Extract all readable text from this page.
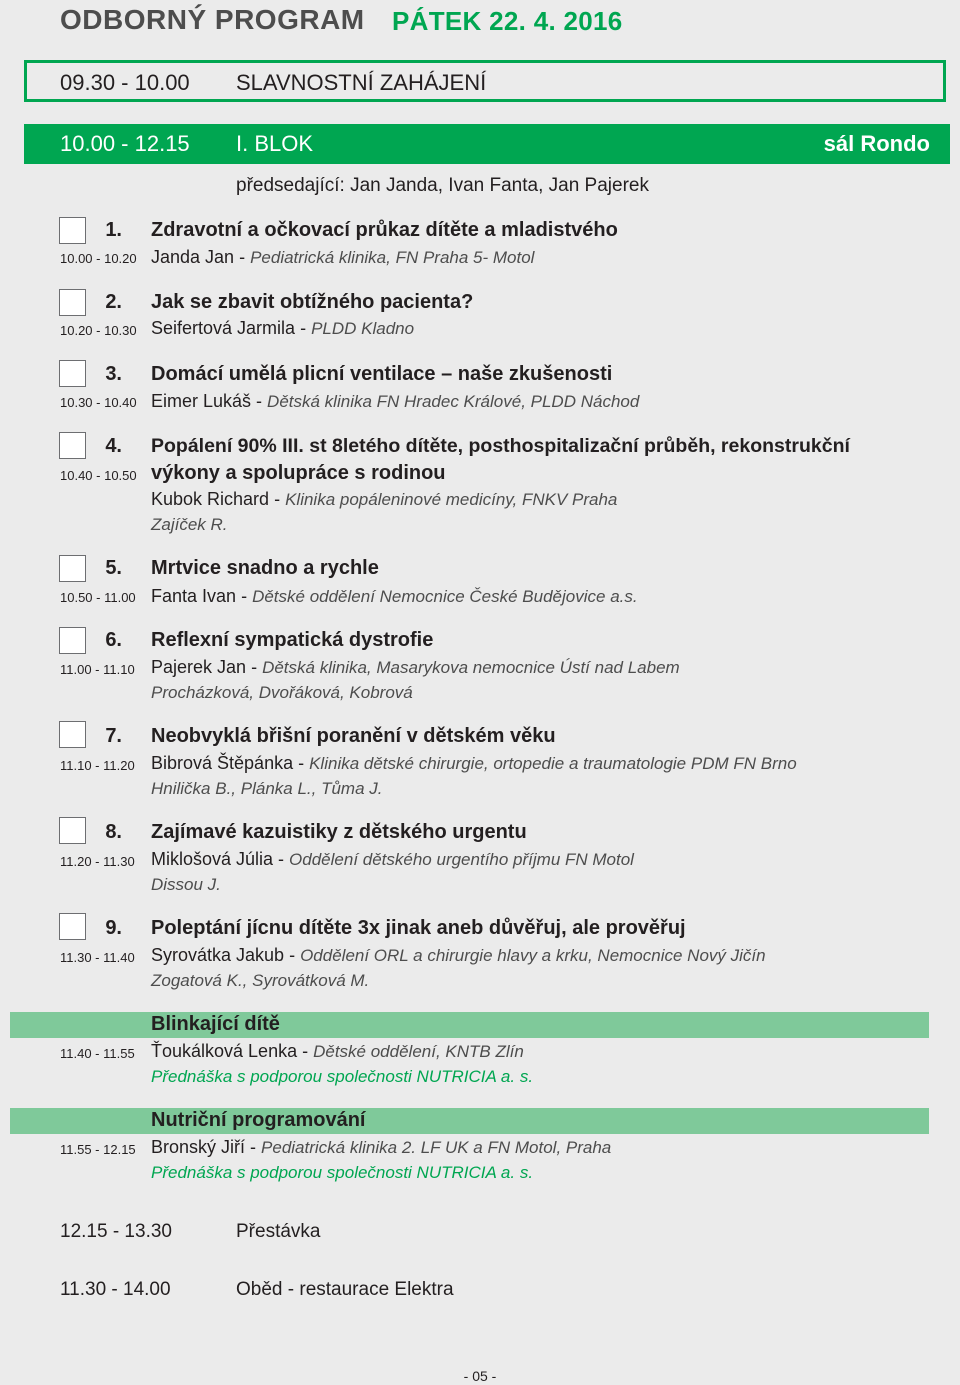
ODBORNÝ PROGRAM PÁTEK 22. 4. 2016
09.30 - 10.00 SLAVNOSTNÍ ZAHÁJENÍ
10.00 - 12.15 I. BLOK	sál Rondo
předsedající: Jan Janda, Ivan Fanta, Jan Pajerek
1. Zdravotní a očkovací průkaz dítěte a mladistvého
10.00 - 10.20 Janda Jan - Pediatrická klinika, FN Praha 5- Motol
2. Jak se zbavit obtížného pacienta?
10.20 - 10.30 Seifertová Jarmila - PLDD Kladno
3. Domácí umělá plicní ventilace – naše zkušenosti
10.30 - 10.40 Eimer Lukáš - Dětská klinika FN Hradec Králové, PLDD Náchod
4. Popálení 90% III. st 8letého dítěte, posthospitalizační průběh, rekonstrukční
10.40 - 10.50 výkony a spolupráce s rodinou
Kubok Richard - Klinika popáleninové medicíny, FNKV Praha
Zajíček R.
5. Mrtvice snadno a rychle
10.50 - 11.00 Fanta Ivan - Dětské oddělení Nemocnice České Budějovice a.s.
6. Reflexní sympatická dystrofie
11.00 - 11.10 Pajerek Jan - Dětská klinika, Masarykova nemocnice Ústí nad Labem
Procházková, Dvořáková, Kobrová
7. Neobvyklá břišní poranění v dětském věku
11.10 - 11.20 Bibrová Štěpánka - Klinika dětské chirurgie, ortopedie a traumatologie PDM FN Brno
Hnilička B., Plánka L., Tůma J.
8. Zajímavé kazuistiky z dětského urgentu
11.20 - 11.30 Miklošová Júlia - Oddělení dětského urgentího příjmu FN Motol
Dissou J.
9. Poleptání jícnu dítěte 3x jinak aneb důvěřuj, ale prověřuj
11.30 - 11.40 Syrovátka Jakub - Oddělení ORL a chirurgie hlavy a krku, Nemocnice Nový Jičín
Zogatová K., Syrovátková M.
Blinkající dítě
11.40 - 11.55 Ťoukálková Lenka - Dětské oddělení, KNTB Zlín
Přednáška s podporou společnosti NUTRICIA a. s.
Nutriční programování
11.55 - 12.15 Bronský Jiří - Pediatrická klinika 2. LF UK a FN Motol, Praha
Přednáška s podporou společnosti NUTRICIA a. s.
12.15 - 13.30	Přestávka
11.30 - 14.00	Oběd - restaurace Elektra
- 05 -
